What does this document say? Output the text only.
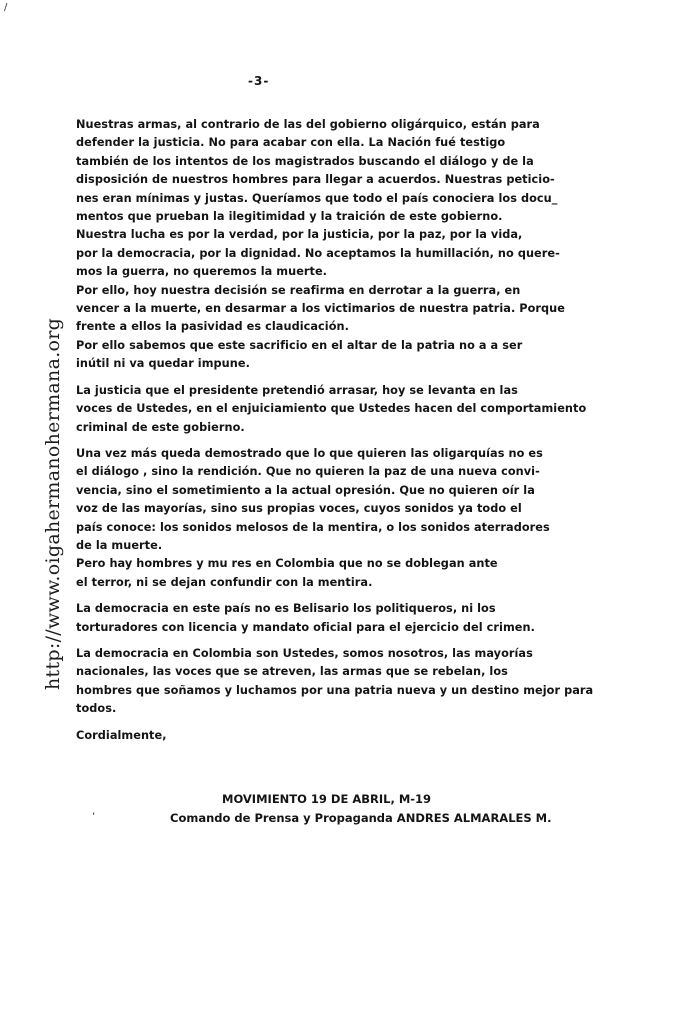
http://www.oigahermanohermana.org
-3-
Nuestras armas, al contrario de las del gobierno oligárquico, están para
defender la justicia. No para acabar con ella. La Nación fué testigo
también de los intentos de los magistrados buscando el diálogo y de la
disposición de nuestros hombres para llegar a acuerdos. Nuestras peticio-
nes eran mínimas y justas. Queríamos que todo el país conociera los docu_
mentos que prueban la ilegitimidad y la traición de este gobierno.
Nuestra lucha es por la verdad, por la justicia, por la paz, por la vida,
por la democracia, por la dignidad. No aceptamos la humillación, no quere-
mos la guerra, no queremos la muerte.
Por ello, hoy nuestra decisión se reafirma en derrotar a la guerra, en
vencer a la muerte, en desarmar a los victimarios de nuestra patria. Porque
frente a ellos la pasividad es claudicación.
Por ello sabemos que este sacrificio en el altar de la patria no a a ser
inútil ni va quedar impune.
La justicia que el presidente pretendió arrasar, hoy se levanta en las
voces de Ustedes, en el enjuiciamiento que Ustedes hacen del comportamiento
criminal de este gobierno.
Una vez más queda demostrado que lo que quieren las oligarquías no es
el diálogo , sino la rendición. Que no quieren la paz de una nueva convi-
vencia, sino el sometimiento a la actual opresión. Que no quieren oír la
voz de las mayorías, sino sus propias voces, cuyos sonidos ya todo el
país conoce: los sonidos melosos de la mentira, o los sonidos aterradores
de la muerte.
Pero hay hombres y mu res en Colombia que no se doblegan ante
el terror, ni se dejan confundir con la mentira.
La democracia en este país no es Belisario los politiqueros, ni los
torturadores con licencia y mandato oficial para el ejercicio del crimen.
La democracia en Colombia son Ustedes, somos nosotros, las mayorías
nacionales, las voces que se atreven, las armas que se rebelan, los
hombres que soñamos y luchamos por una patria nueva y un destino mejor para
todos.
Cordialmente,
MOVIMIENTO 19 DE ABRIL, M-19
Comando de Prensa y Propaganda ANDRES ALMARALES M.
/
,
